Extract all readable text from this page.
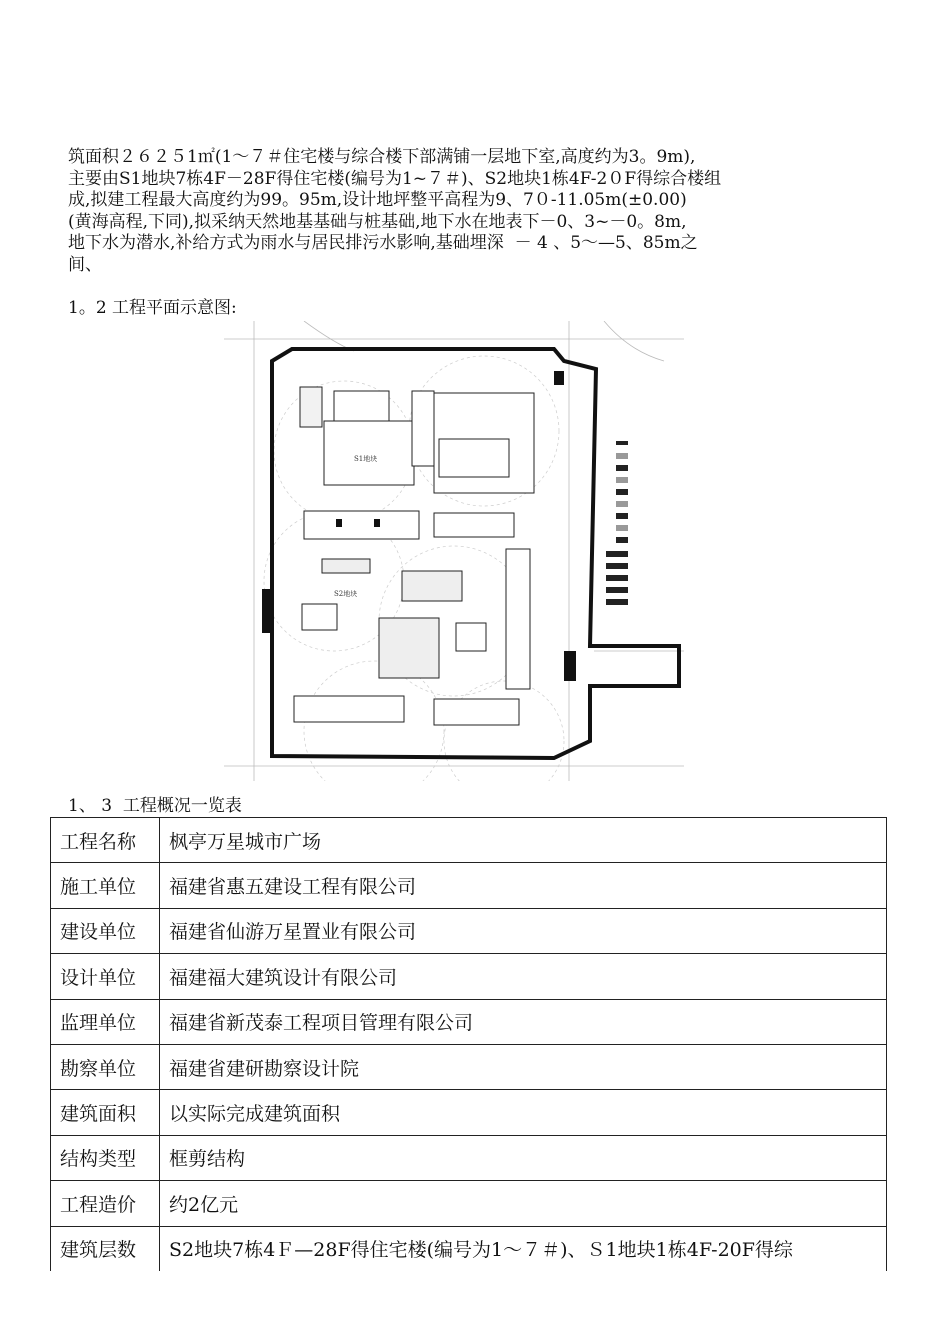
筑面积２６２５1㎡(1～７＃住宅楼与综合楼下部满铺一层地下室,高度约为3。9m),
主要由S1地块7栋4F－28F得住宅楼(编号为1~７＃)、S2地块1栋4F-2０F得综合楼组
成,拟建工程最大高度约为99。95m,设计地坪整平高程为9、7０-11.05m(±0.00)
(黄海高程,下同),拟采纳天然地基基础与桩基础,地下水在地表下－0、3~－0。8m,
地下水为潜水,补给方式为雨水与居民排污水影响,基础埋深  － 4 、5～—5、85m之
间、
1。2 工程平面示意图:
S1地块
S2地块
1、 3  工程概况一览表
工程名称	枫亭万星城市广场
施工单位	福建省惠五建设工程有限公司
建设单位	福建省仙游万星置业有限公司
设计单位	福建福大建筑设计有限公司
监理单位	福建省新茂泰工程项目管理有限公司
勘察单位	福建省建研勘察设计院
建筑面积	以实际完成建筑面积
结构类型	框剪结构
工程造价	约2亿元
建筑层数	S2地块7栋4Ｆ—28F得住宅楼(编号为1～７＃)、Ｓ1地块1栋4F-20F得综
